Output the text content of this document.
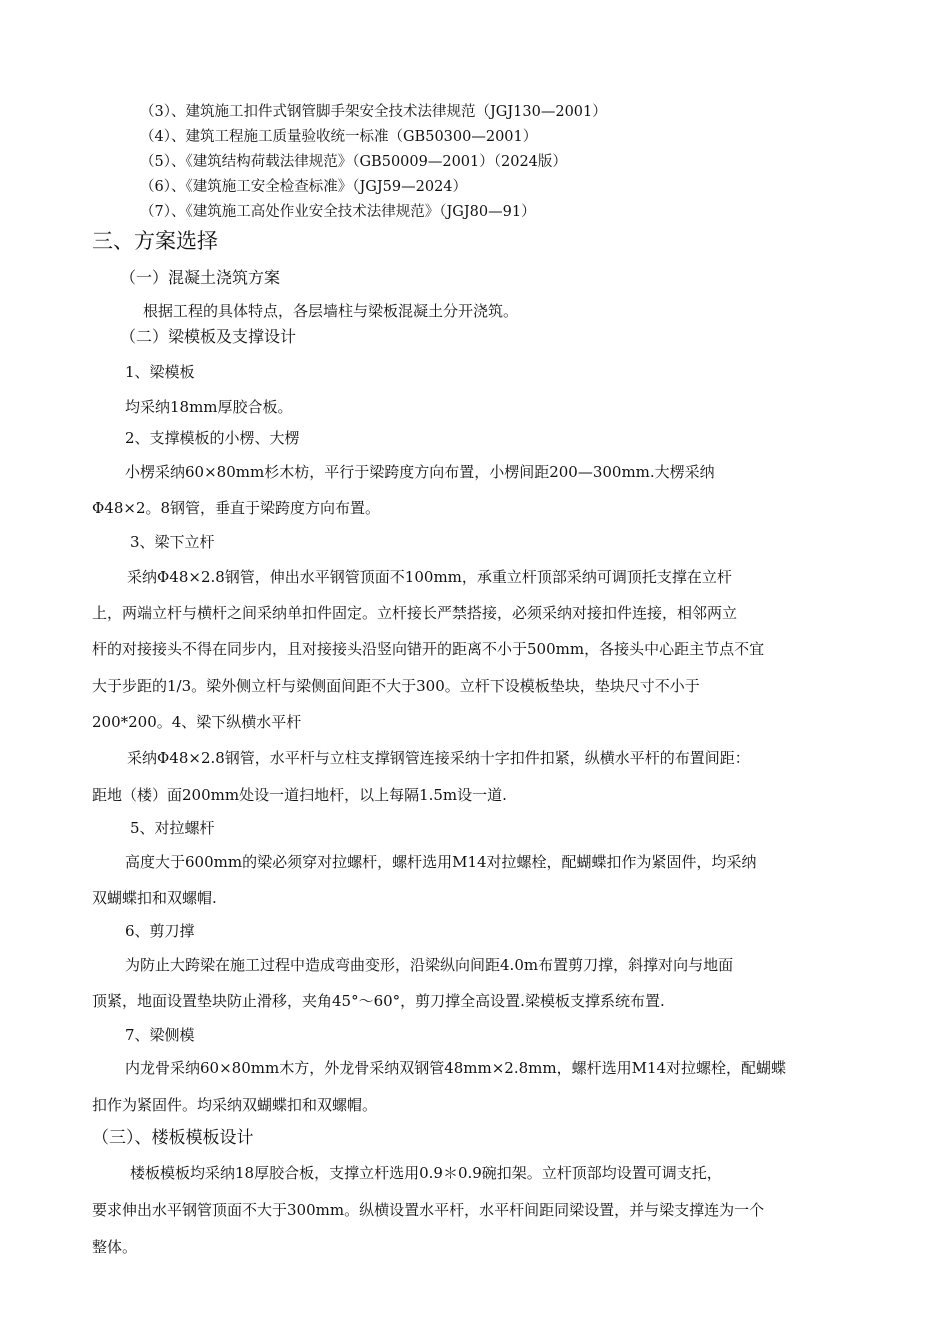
（3）、建筑施工扣件式钢管脚手架安全技术法律规范（JGJ130—2001）
（4）、建筑工程施工质量验收统一标准（GB50300—2001）
（5）、《建筑结构荷载法律规范》（GB50009—2001）（2024版）
（6）、《建筑施工安全检查标准》（JGJ59—2024）
（7）、《建筑施工高处作业安全技术法律规范》（JGJ80—91）
三、方案选择
（一）混凝土浇筑方案
根据工程的具体特点，各层墙柱与梁板混凝土分开浇筑。
（二）梁模板及支撑设计
1、梁模板
均采纳18mm厚胶合板。
2、支撑模板的小楞、大楞
小楞采纳60×80mm杉木枋，平行于梁跨度方向布置，小楞间距200—300mm.大楞采纳
Φ48×2。8钢管，垂直于梁跨度方向布置。
3、梁下立杆
采纳Φ48×2.8钢管，伸出水平钢管顶面不100mm，承重立杆顶部采纳可调顶托支撑在立杆
上，两端立杆与横杆之间采纳单扣件固定。立杆接长严禁搭接，必须采纳对接扣件连接，相邻两立
杆的对接接头不得在同步内，且对接接头沿竖向错开的距离不小于500mm，各接头中心距主节点不宜
大于步距的1/3。梁外侧立杆与梁侧面间距不大于300。立杆下设模板垫块，垫块尺寸不小于
200*200。4、梁下纵横水平杆
采纳Φ48×2.8钢管，水平杆与立柱支撑钢管连接采纳十字扣件扣紧，纵横水平杆的布置间距：
距地（楼）面200mm处设一道扫地杆，以上每隔1.5m设一道.
5、对拉螺杆
高度大于600mm的梁必须穿对拉螺杆，螺杆选用M14对拉螺栓，配蝴蝶扣作为紧固件，均采纳
双蝴蝶扣和双螺帽.
6、剪刀撑
为防止大跨梁在施工过程中造成弯曲变形，沿梁纵向间距4.0m布置剪刀撑，斜撑对向与地面
顶紧，地面设置垫块防止滑移，夹角45°～60°，剪刀撑全高设置.梁模板支撑系统布置.
7、梁侧模
内龙骨采纳60×80mm木方，外龙骨采纳双钢管48mm×2.8mm，螺杆选用M14对拉螺栓，配蝴蝶
扣作为紧固件。均采纳双蝴蝶扣和双螺帽。
（三）、楼板模板设计
楼板模板均采纳18厚胶合板，支撑立杆选用0.9＊0.9碗扣架。立杆顶部均设置可调支托，
要求伸出水平钢管顶面不大于300mm。纵横设置水平杆，水平杆间距同梁设置，并与梁支撑连为一个
整体。
